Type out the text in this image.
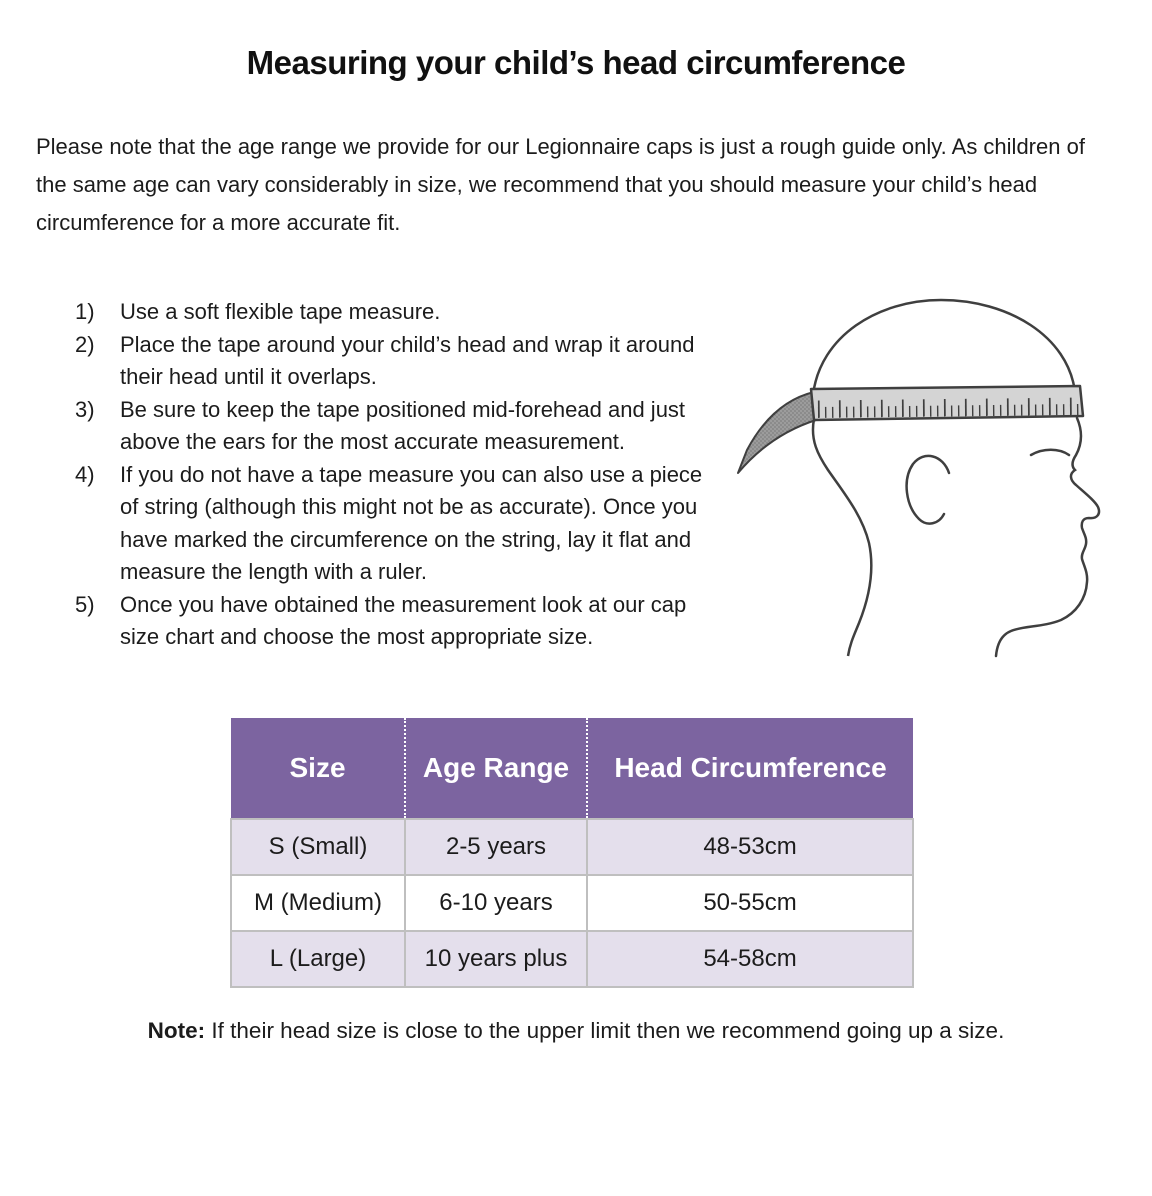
Measuring your child’s head circumference

Please note that the age range we provide for our Legionnaire caps is just a rough guide only. As children of the same age can vary considerably in size, we recommend that you should measure your child’s head circumference for a more accurate fit.

1)	Use a soft flexible tape measure.
2)	Place the tape around your child’s head and wrap it around their head until it overlaps.
3)	Be sure to keep the tape positioned mid-forehead and just above the ears for the most accurate measurement.
4)	If you do not have a tape measure you can also use a piece of string (although this might not be as accurate). Once you have marked the circumference on the string, lay it flat and measure the length with a ruler.
5)	Once you have obtained the measurement look at our cap size chart and choose the most appropriate size.
Size	Age Range	Head Circumference
S (Small)	2-5 years	48-53cm
M (Medium)	6-10 years	50-55cm
L (Large)	10 years plus	54-58cm

Note: If their head size is close to the upper limit then we recommend going up a size.
